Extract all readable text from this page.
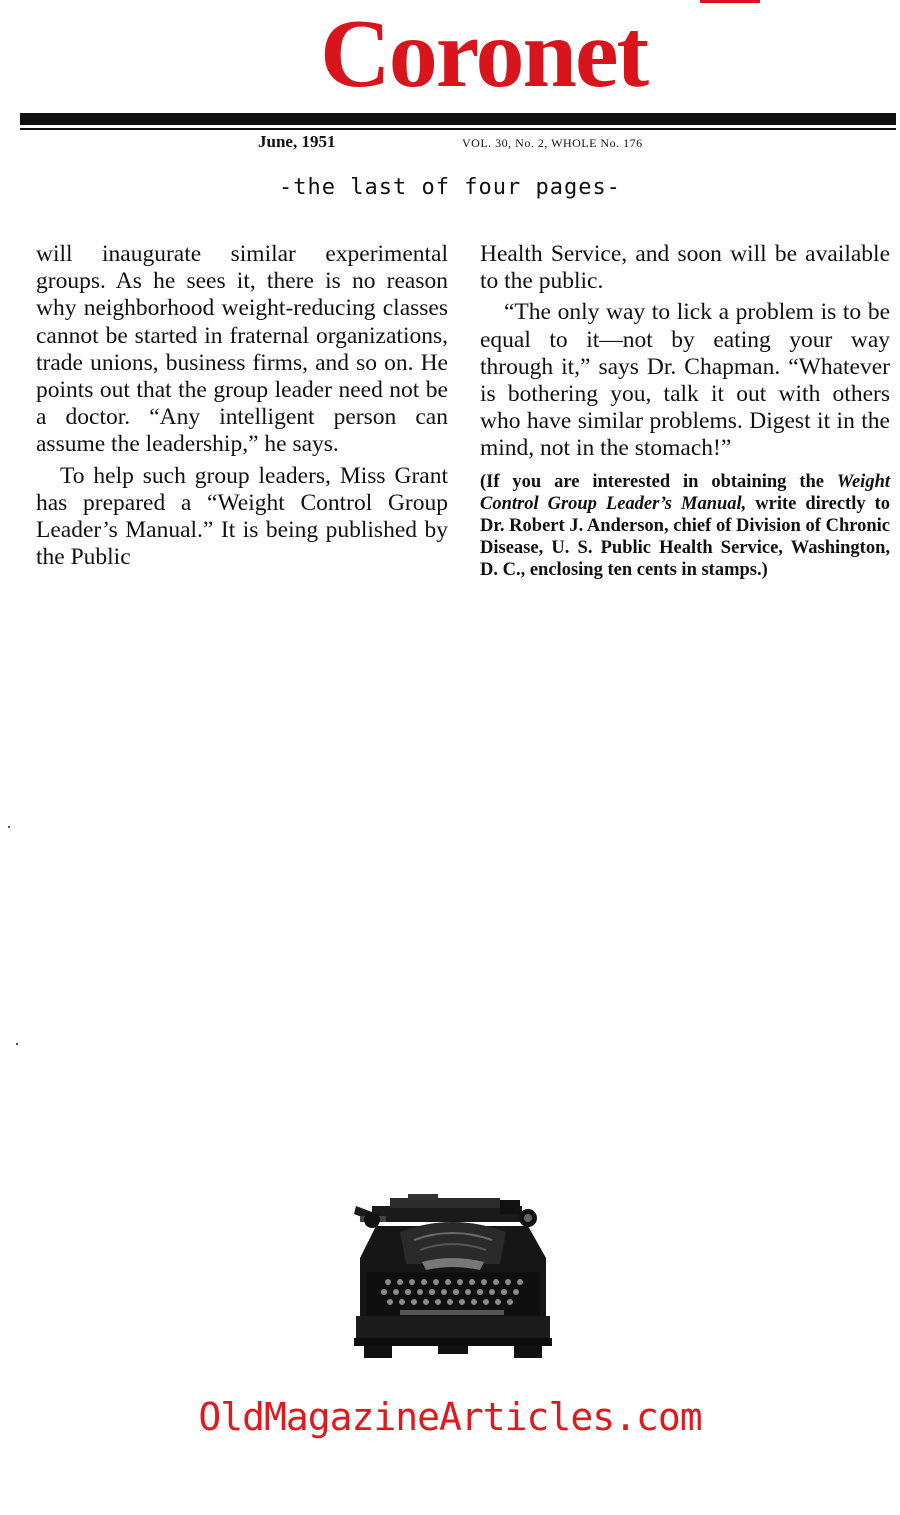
Coronet
June, 1951	VOL. 30, No. 2, WHOLE No. 176
-the last of four pages-

will inaugurate similar experimental groups. As he sees it, there is no reason why neighborhood weight-reducing classes cannot be started in fraternal organizations, trade unions, business firms, and so on. He points out that the group leader need not be a doctor. “Any intelligent person can assume the leadership,” he says.

To help such group leaders, Miss Grant has prepared a “Weight Control Group Leader’s Manual.” It is being published by the Public

Health Service, and soon will be available to the public.

“The only way to lick a problem is to be equal to it—not by eating your way through it,” says Dr. Chapman. “Whatever is bothering you, talk it out with others who have similar problems. Digest it in the mind, not in the stomach!”

(If you are interested in obtaining the Weight Control Group Leader’s Manual, write directly to Dr. Robert J. Anderson, chief of Division of Chronic Disease, U. S. Public Health Service, Washington, D. C., enclosing ten cents in stamps.)

OldMagazineArticles.com
